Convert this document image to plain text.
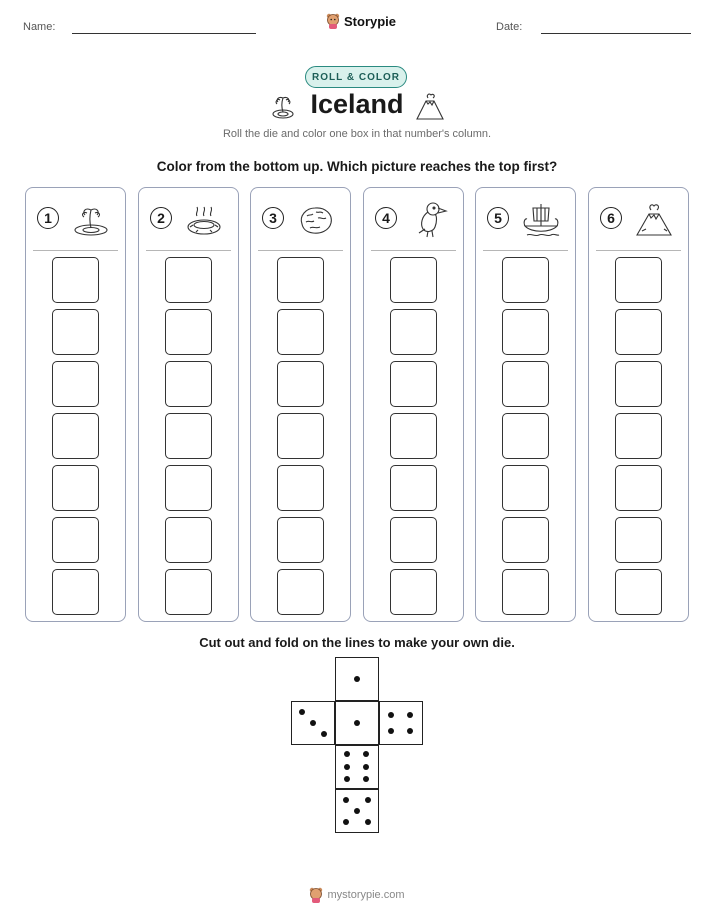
Name:	Storypie	Date:
ROLL & COLOR
Iceland
Roll the die and color one box in that number's column.
Color from the bottom up. Which picture reaches the top first?
1	2	3	4	5	6
Cut out and fold on the lines to make your own die.
mystorypie.com
